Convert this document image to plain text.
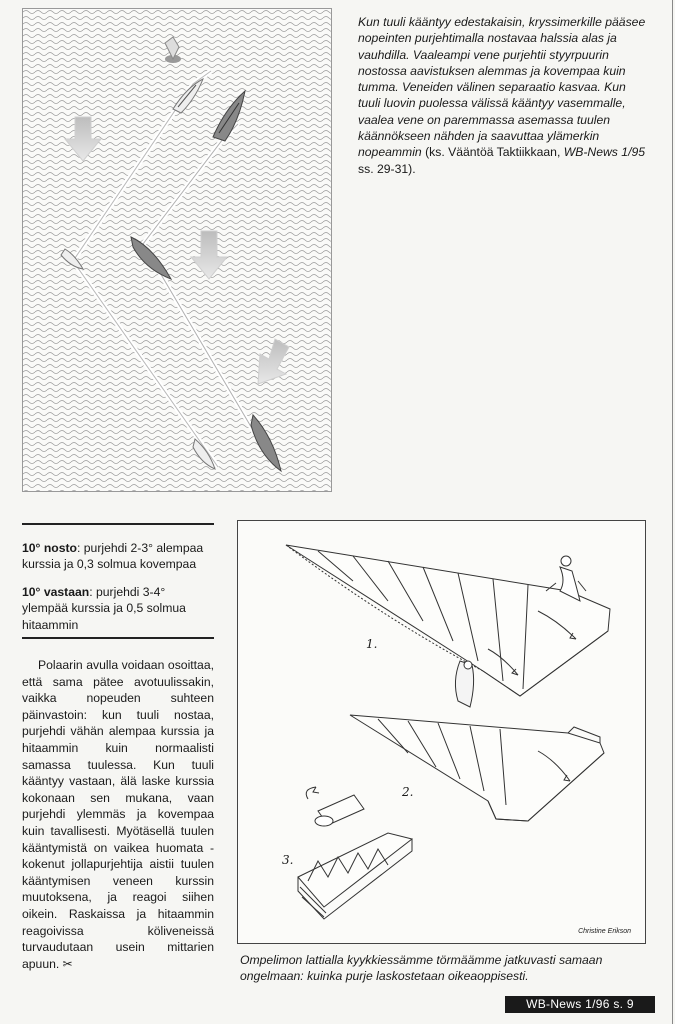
Kun tuuli kääntyy edestakaisin, kryssimerkille pääsee nopeinten purjehtimalla nostavaa halssia alas ja vauhdilla. Vaaleampi vene purjehtii styyrpuurin nostossa aavistuksen alemmas ja kovempaa kuin tumma. Veneiden välinen separaatio kasvaa. Kun tuuli luovin puolessa välissä kääntyy vasemmalle, vaalea vene on paremmassa asemassa tuulen käännökseen nähden ja saavuttaa ylämerkin nopeammin (ks. Vääntöä Taktiikkaan, WB-News 1/95 ss. 29-31).

10° nosto: purjehdi 2-3° alempaa kurssia ja 0,3 solmua kovempaa

10° vastaan: purjehdi 3-4° ylempää kurssia ja 0,5 solmua hitaammin

Polaarin avulla voidaan osoittaa, että sama pätee avotuulissakin, vaikka nopeuden suhteen päinvastoin: kun tuuli nostaa, purjehdi vähän alempaa kurssia ja hitaammin kuin normaalisti samassa tuulessa. Kun tuuli kääntyy vastaan, älä laske kurssia kokonaan sen mukana, vaan purjehdi ylemmäs ja kovempaa kuin tavallisesti. Myötäsellä tuulen kääntymistä on vaikea huomata - kokenut jollapurjehtija aistii tuulen kääntymisen veneen kurssin muutoksena, ja reagoi siihen oikein. Raskaissa ja hitaammin reagoivissa köliveneissä turvaudutaan usein mittarien apuun. ✂

1.
2.
3.
Christine Erikson

Ompelimon lattialla kyykkiessämme törmäämme jatkuvasti samaan ongelmaan: kuinka purje laskostetaan oikeaoppisesti.

WB-News 1/96 s. 9
